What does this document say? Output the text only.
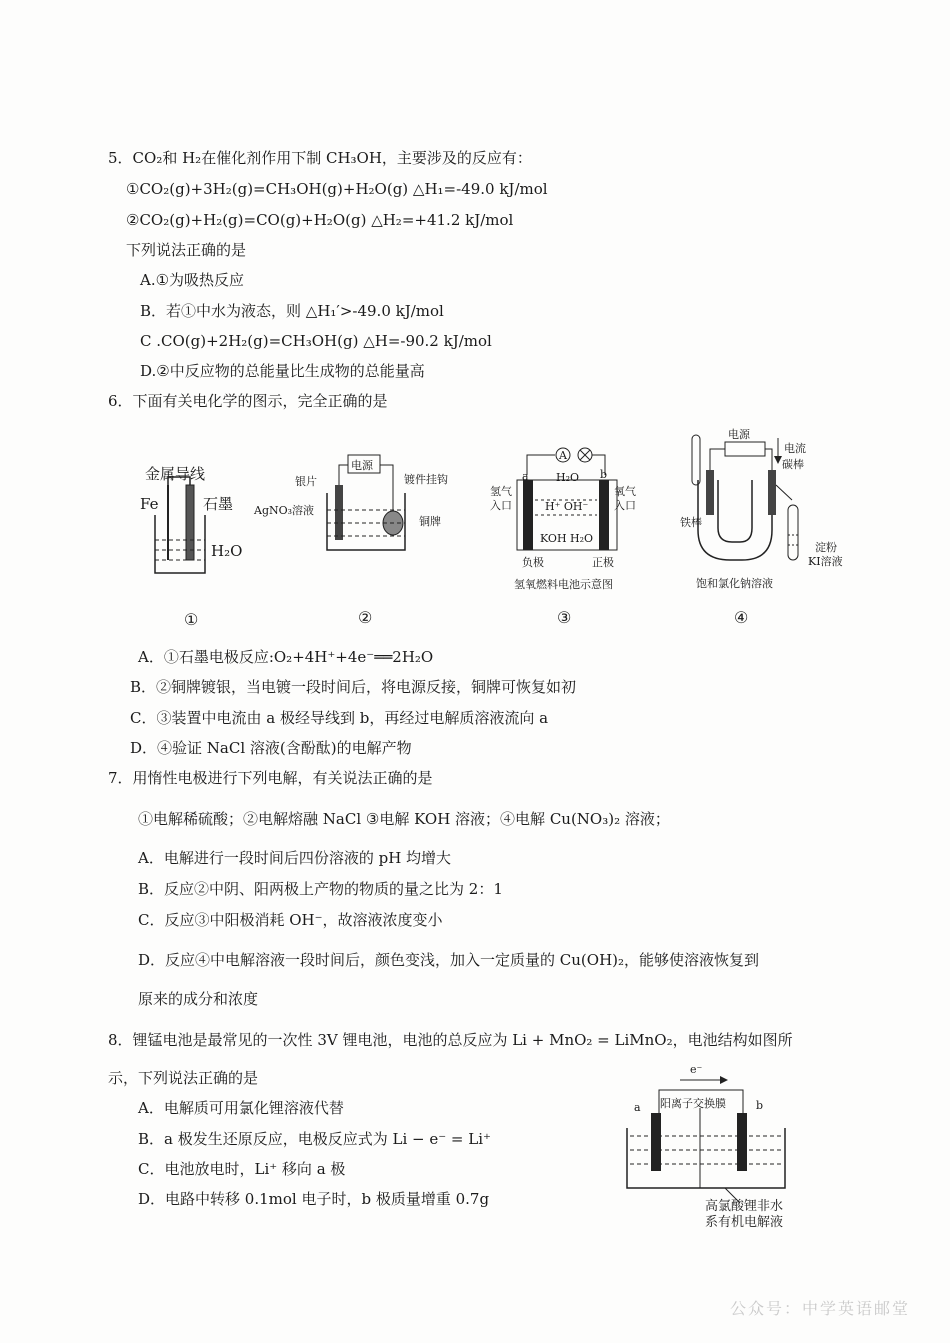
5．CO₂和 H₂在催化剂作用下制 CH₃OH，主要涉及的反应有：
①CO₂(g)+3H₂(g)=CH₃OH(g)+H₂O(g) △H₁=-49.0 kJ/mol
②CO₂(g)+H₂(g)=CO(g)+H₂O(g) △H₂=+41.2 kJ/mol
下列说法正确的是
A.①为吸热反应
B．若①中水为液态，则 △H₁′>-49.0 kJ/mol
C .CO(g)+2H₂(g)=CH₃OH(g) △H=-90.2 kJ/mol
D.②中反应物的总能量比生成物的总能量高
6．下面有关电化学的图示，完全正确的是
金属导线
Fe	石墨
H₂O
①
电源
银片	镀件挂钩
AgNO₃溶液
铜牌
②
A
a	b
H₂O
氢气
入口
氧气
入口
H⁺ OH⁻
KOH H₂O
负极	正极
氢氧燃料电池示意图
③
电源
电流
碳棒
铁棒
淀粉
KI溶液
饱和氯化钠溶液
④
A．①石墨电极反应:O₂+4H⁺+4e⁻══2H₂O
B．②铜牌镀银，当电镀一段时间后，将电源反接，铜牌可恢复如初
C．③装置中电流由 a 极经导线到 b，再经过电解质溶液流向 a
D．④验证 NaCl 溶液(含酚酞)的电解产物
7．用惰性电极进行下列电解，有关说法正确的是
①电解稀硫酸；②电解熔融 NaCl ③电解 KOH 溶液；④电解 Cu(NO₃)₂ 溶液；
A．电解进行一段时间后四份溶液的 pH 均增大
B．反应②中阴、阳两极上产物的物质的量之比为 2：1
C．反应③中阳极消耗 OH⁻，故溶液浓度变小
D．反应④中电解溶液一段时间后，颜色变浅，加入一定质量的 Cu(OH)₂，能够使溶液恢复到
原来的成分和浓度
8．锂锰电池是最常见的一次性 3V 锂电池，电池的总反应为 Li + MnO₂ = LiMnO₂，电池结构如图所
示，下列说法正确的是
A．电解质可用氯化锂溶液代替
B．a 极发生还原反应，电极反应式为 Li − e⁻ = Li⁺
C．电池放电时，Li⁺ 移向 a 极
D．电路中转移 0.1mol 电子时，b 极质量增重 0.7g
e⁻
a	b
阳离子交换膜
高氯酸锂非水
系有机电解液
公众号：中学英语邮堂
